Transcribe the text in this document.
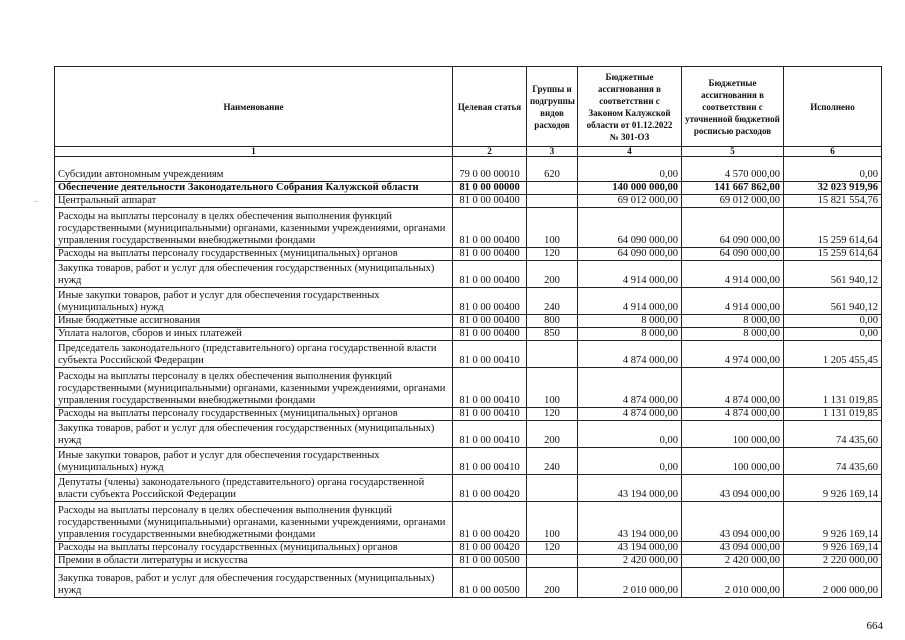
Наименование	Целевая статья	Группы и подгруппы видов расходов	Бюджетные ассигнования в соответствии с Законом Калужской области от 01.12.2022 № 301-ОЗ	Бюджетные ассигнования в соответствии с уточненной бюджетной росписью расходов	Исполнено
1	2	3	4	5	6
Субсидии автономным учреждениям	79 0 00 00010	620	0,00	4 570 000,00	0,00
Обеспечение деятельности Законодательного Собрания Калужской области	81 0 00 00000		140 000 000,00	141 667 862,00	32 023 919,96
Центральный аппарат	81 0 00 00400		69 012 000,00	69 012 000,00	15 821 554,76
Расходы на выплаты персоналу в целях обеспечения выполнения функций государственными (муниципальными) органами, казенными учреждениями, органами управления государственными внебюджетными фондами	81 0 00 00400	100	64 090 000,00	64 090 000,00	15 259 614,64
Расходы на выплаты персоналу государственных (муниципальных) органов	81 0 00 00400	120	64 090 000,00	64 090 000,00	15 259 614,64
Закупка товаров, работ и услуг для обеспечения государственных (муниципальных) нужд	81 0 00 00400	200	4 914 000,00	4 914 000,00	561 940,12
Иные закупки товаров, работ и услуг для обеспечения государственных (муниципальных) нужд	81 0 00 00400	240	4 914 000,00	4 914 000,00	561 940,12
Иные бюджетные ассигнования	81 0 00 00400	800	8 000,00	8 000,00	0,00
Уплата налогов, сборов и иных платежей	81 0 00 00400	850	8 000,00	8 000,00	0,00
Председатель законодательного (представительного) органа государственной власти субъекта Российской Федерации	81 0 00 00410		4 874 000,00	4 974 000,00	1 205 455,45
Расходы на выплаты персоналу в целях обеспечения выполнения функций государственными (муниципальными) органами, казенными учреждениями, органами управления государственными внебюджетными фондами	81 0 00 00410	100	4 874 000,00	4 874 000,00	1 131 019,85
Расходы на выплаты персоналу государственных (муниципальных) органов	81 0 00 00410	120	4 874 000,00	4 874 000,00	1 131 019,85
Закупка товаров, работ и услуг для обеспечения государственных (муниципальных) нужд	81 0 00 00410	200	0,00	100 000,00	74 435,60
Иные закупки товаров, работ и услуг для обеспечения государственных (муниципальных) нужд	81 0 00 00410	240	0,00	100 000,00	74 435,60
Депутаты (члены) законодательного (представительного) органа государственной власти субъекта Российской Федерации	81 0 00 00420		43 194 000,00	43 094 000,00	9 926 169,14
Расходы на выплаты персоналу в целях обеспечения выполнения функций государственными (муниципальными) органами, казенными учреждениями, органами управления государственными внебюджетными фондами	81 0 00 00420	100	43 194 000,00	43 094 000,00	9 926 169,14
Расходы на выплаты персоналу государственных (муниципальных) органов	81 0 00 00420	120	43 194 000,00	43 094 000,00	9 926 169,14
Премии в области литературы и искусства	81 0 00 00500		2 420 000,00	2 420 000,00	2 220 000,00
Закупка товаров, работ и услуг для обеспечения государственных (муниципальных) нужд	81 0 00 00500	200	2 010 000,00	2 010 000,00	2 000 000,00
664
–
